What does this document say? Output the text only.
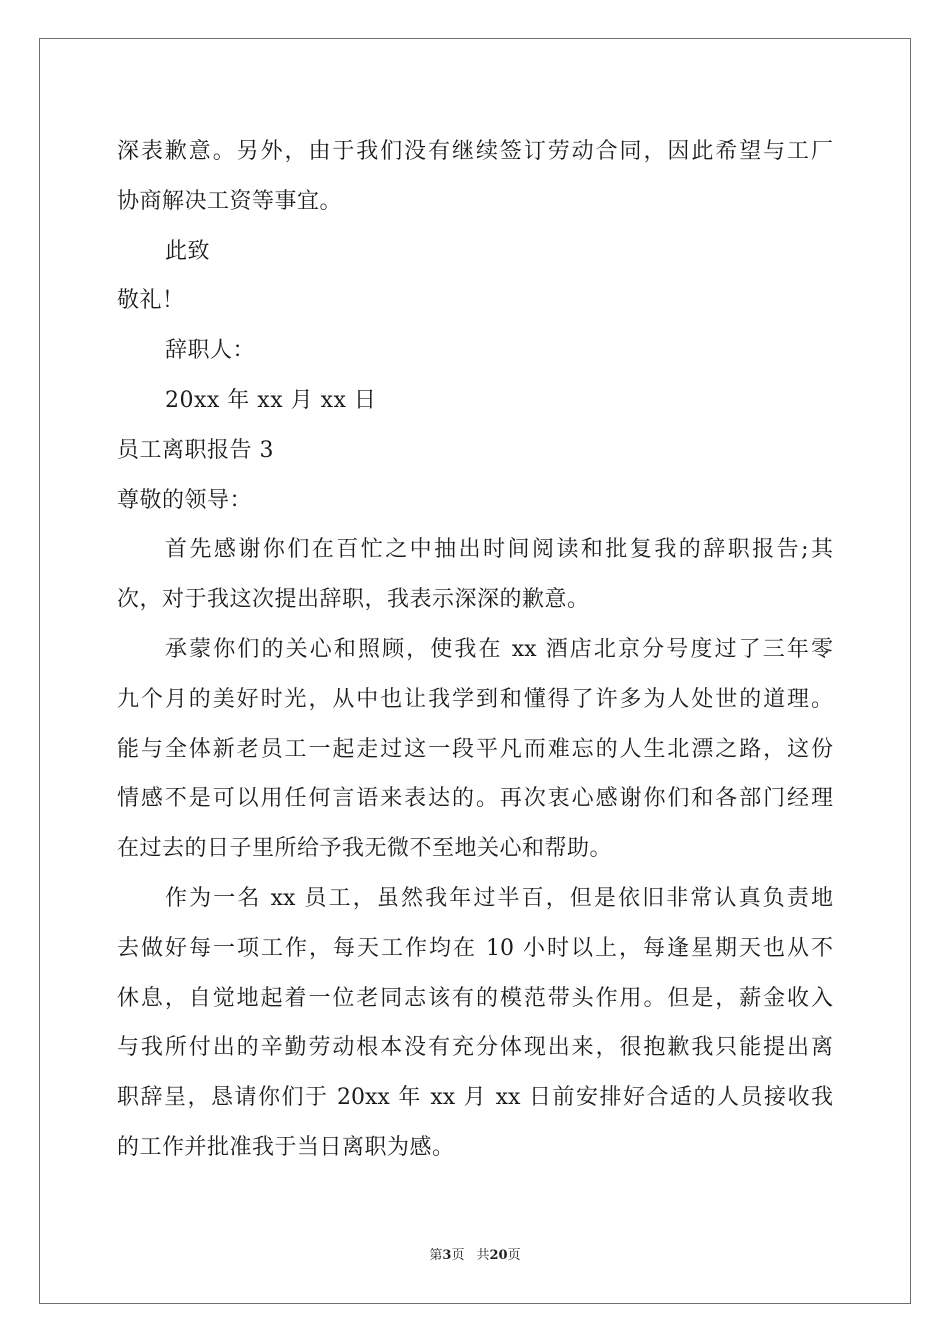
深表歉意。另外，由于我们没有继续签订劳动合同，因此希望与工厂
协商解决工资等事宜。
此致
敬礼！
辞职人：
20xx 年 xx 月 xx 日
员工离职报告 3
尊敬的领导：
首先感谢你们在百忙之中抽出时间阅读和批复我的辞职报告;其
次，对于我这次提出辞职，我表示深深的歉意。
承蒙你们的关心和照顾，使我在 xx 酒店北京分号度过了三年零
九个月的美好时光，从中也让我学到和懂得了许多为人处世的道理。
能与全体新老员工一起走过这一段平凡而难忘的人生北漂之路，这份
情感不是可以用任何言语来表达的。再次衷心感谢你们和各部门经理
在过去的日子里所给予我无微不至地关心和帮助。
作为一名 xx 员工，虽然我年过半百，但是依旧非常认真负责地
去做好每一项工作，每天工作均在 10 小时以上，每逢星期天也从不
休息，自觉地起着一位老同志该有的模范带头作用。但是，薪金收入
与我所付出的辛勤劳动根本没有充分体现出来，很抱歉我只能提出离
职辞呈，恳请你们于 20xx 年 xx 月 xx 日前安排好合适的人员接收我
的工作并批准我于当日离职为感。
第3页 共20页
